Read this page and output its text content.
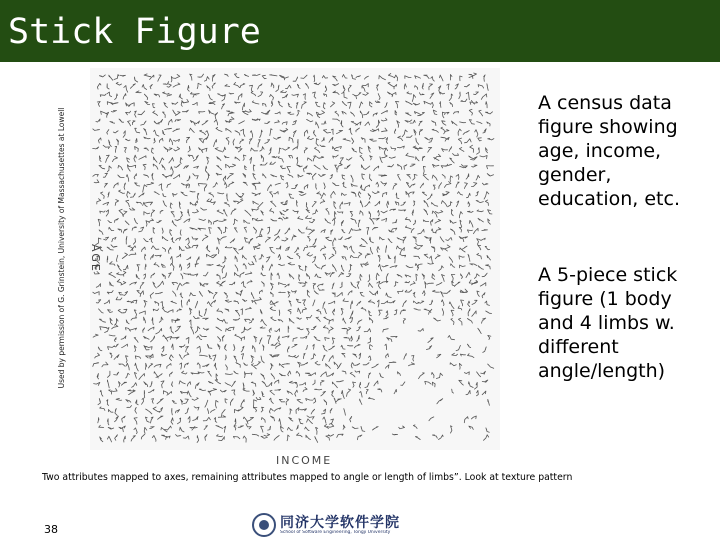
Stick Figure
Used by permission of G. Grinstein, University of Massachusettes at Lowell AGE
INCOME
A census data figure showing age, income, gender, education, etc.
A 5-piece stick figure (1 body and 4 limbs w. different angle/length)
Two attributes mapped to axes, remaining attributes mapped to angle or length of limbs”. Look at texture pattern
38	同济大学软件学院
School of Software Engineering, Tongji University
